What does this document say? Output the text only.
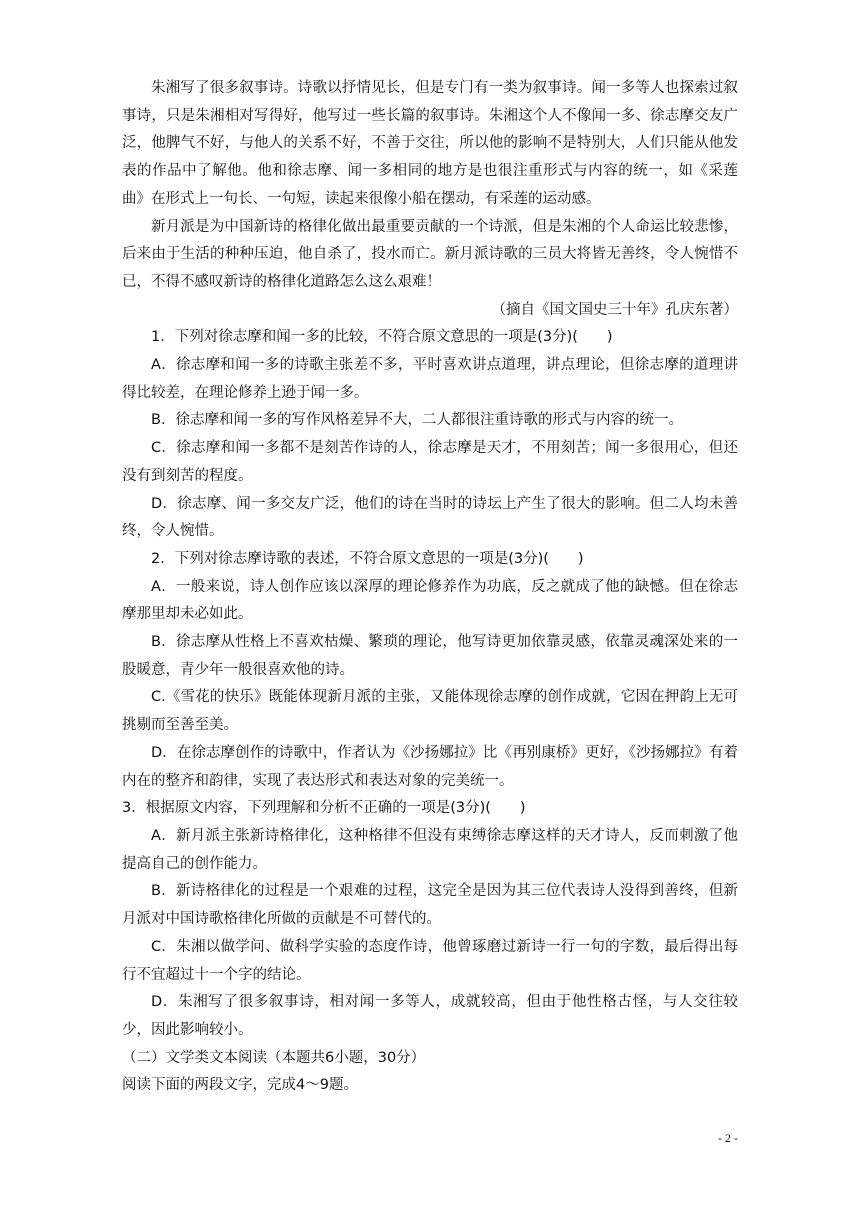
朱湘写了很多叙事诗。诗歌以抒情见长，但是专门有一类为叙事诗。闻一多等人也探索过叙事诗，只是朱湘相对写得好，他写过一些长篇的叙事诗。朱湘这个人不像闻一多、徐志摩交友广泛，他脾气不好，与他人的关系不好，不善于交往，所以他的影响不是特别大，人们只能从他发表的作品中了解他。他和徐志摩、闻一多相同的地方是也很注重形式与内容的统一，如《采莲曲》在形式上一句长、一句短，读起来很像小船在摆动，有采莲的运动感。

新月派是为中国新诗的格律化做出最重要贡献的一个诗派，但是朱湘的个人命运比较悲惨，后来由于生活的种种压迫，他自杀了，投水而亡。新月派诗歌的三员大将皆无善终，令人惋惜不已，不得不感叹新诗的格律化道路怎么这么艰难！

（摘自《国文国史三十年》孔庆东著）

1．下列对徐志摩和闻一多的比较，不符合原文意思的一项是(3分)(　　)

A．徐志摩和闻一多的诗歌主张差不多，平时喜欢讲点道理，讲点理论，但徐志摩的道理讲得比较差，在理论修养上逊于闻一多。

B．徐志摩和闻一多的写作风格差异不大，二人都很注重诗歌的形式与内容的统一。

C．徐志摩和闻一多都不是刻苦作诗的人，徐志摩是天才，不用刻苦；闻一多很用心，但还没有到刻苦的程度。

D．徐志摩、闻一多交友广泛，他们的诗在当时的诗坛上产生了很大的影响。但二人均未善终，令人惋惜。

2．下列对徐志摩诗歌的表述，不符合原文意思的一项是(3分)(　　)

A．一般来说，诗人创作应该以深厚的理论修养作为功底，反之就成了他的缺憾。但在徐志摩那里却未必如此。

B．徐志摩从性格上不喜欢枯燥、繁琐的理论，他写诗更加依靠灵感，依靠灵魂深处来的一股暖意，青少年一般很喜欢他的诗。

C.《雪花的快乐》既能体现新月派的主张，又能体现徐志摩的创作成就，它因在押韵上无可挑剔而至善至美。

D．在徐志摩创作的诗歌中，作者认为《沙扬娜拉》比《再别康桥》更好，《沙扬娜拉》有着内在的整齐和韵律，实现了表达形式和表达对象的完美统一。

3．根据原文内容，下列理解和分析不正确的一项是(3分)(　　)

A．新月派主张新诗格律化，这种格律不但没有束缚徐志摩这样的天才诗人，反而刺激了他提高自己的创作能力。

B．新诗格律化的过程是一个艰难的过程，这完全是因为其三位代表诗人没得到善终，但新月派对中国诗歌格律化所做的贡献是不可替代的。

C．朱湘以做学问、做科学实验的态度作诗，他曾琢磨过新诗一行一句的字数，最后得出每行不宜超过十一个字的结论。

D．朱湘写了很多叙事诗，相对闻一多等人，成就较高，但由于他性格古怪，与人交往较少，因此影响较小。

（二）文学类文本阅读（本题共6小题，30分）

阅读下面的两段文字，完成4～9题。

- 2 -
